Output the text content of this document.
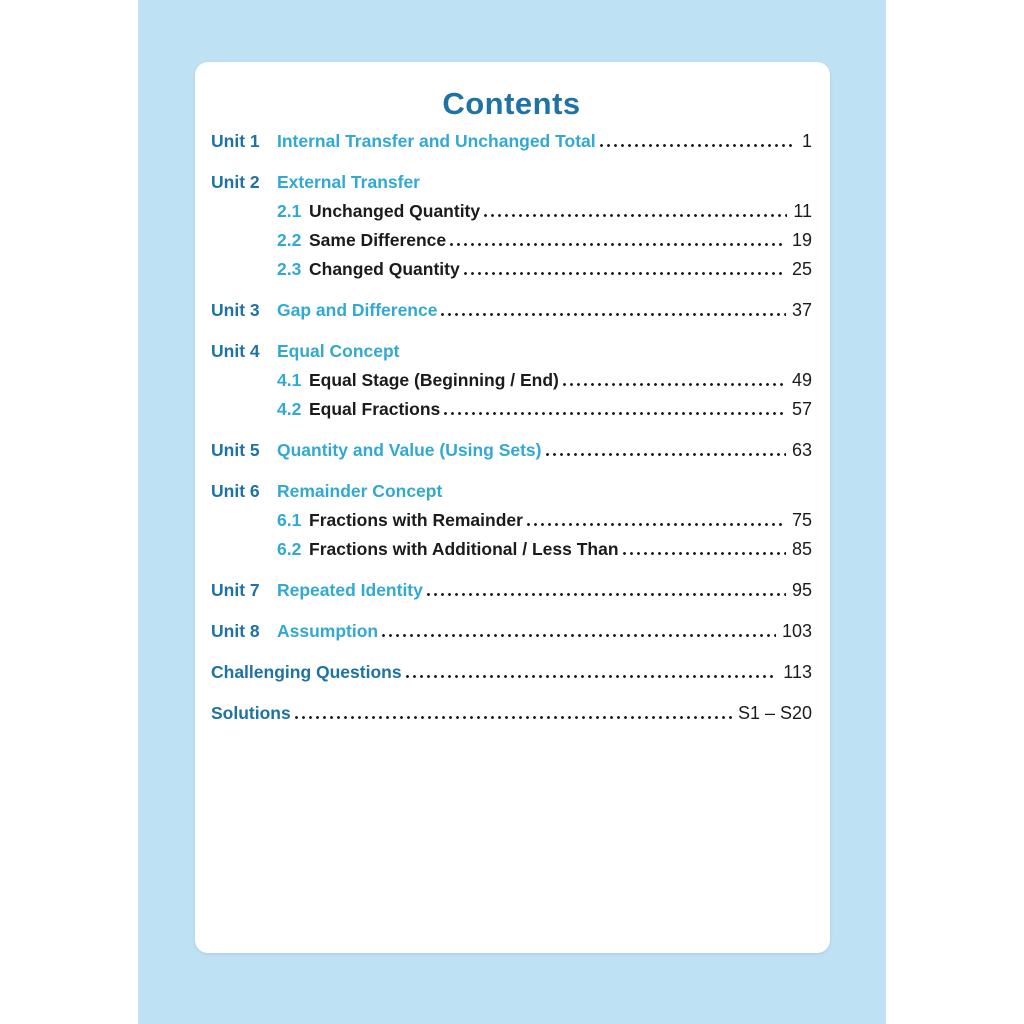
Contents
Unit 1 Internal Transfer and Unchanged Total	1
Unit 2 External Transfer
2.1 Unchanged Quantity	11
2.2 Same Difference	19
2.3 Changed Quantity	25
Unit 3 Gap and Difference	37
Unit 4 Equal Concept
4.1 Equal Stage (Beginning / End)	49
4.2 Equal Fractions	57
Unit 5 Quantity and Value (Using Sets)	63
Unit 6 Remainder Concept
6.1 Fractions with Remainder	75
6.2 Fractions with Additional / Less Than	85
Unit 7 Repeated Identity	95
Unit 8 Assumption	103
Challenging Questions	113
Solutions	S1 – S20
